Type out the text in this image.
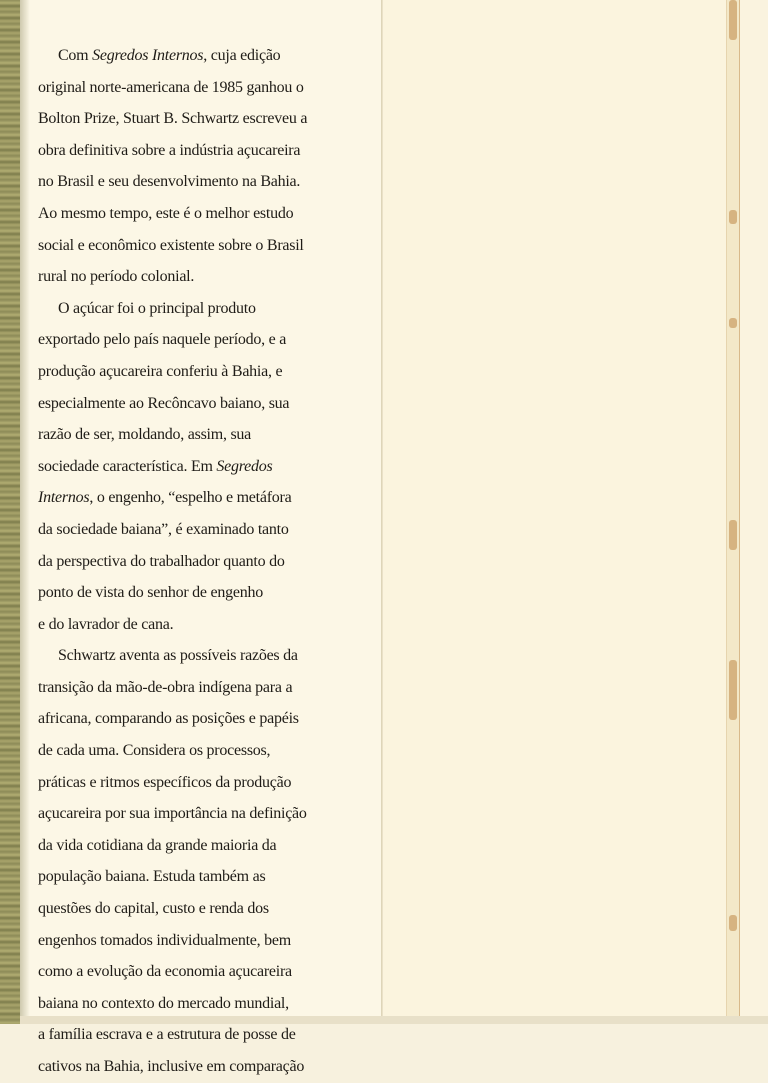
Com Segredos Internos, cuja edição
original norte-americana de 1985 ganhou o
Bolton Prize, Stuart B. Schwartz escreveu a
obra definitiva sobre a indústria açucareira
no Brasil e seu desenvolvimento na Bahia.
Ao mesmo tempo, este é o melhor estudo
social e econômico existente sobre o Brasil
rural no período colonial.

O açúcar foi o principal produto
exportado pelo país naquele período, e a
produção açucareira conferiu à Bahia, e
especialmente ao Recôncavo baiano, sua
razão de ser, moldando, assim, sua
sociedade característica. Em Segredos
Internos, o engenho, “espelho e metáfora
da sociedade baiana”, é examinado tanto
da perspectiva do trabalhador quanto do
ponto de vista do senhor de engenho
e do lavrador de cana.

Schwartz aventa as possíveis razões da
transição da mão-de-obra indígena para a
africana, comparando as posições e papéis
de cada uma. Considera os processos,
práticas e ritmos específicos da produção
açucareira por sua importância na definição
da vida cotidiana da grande maioria da
população baiana. Estuda também as
questões do capital, custo e renda dos
engenhos tomados individualmente, bem
como a evolução da economia açucareira
baiana no contexto do mercado mundial,
a família escrava e a estrutura de posse de
cativos na Bahia, inclusive em comparação
